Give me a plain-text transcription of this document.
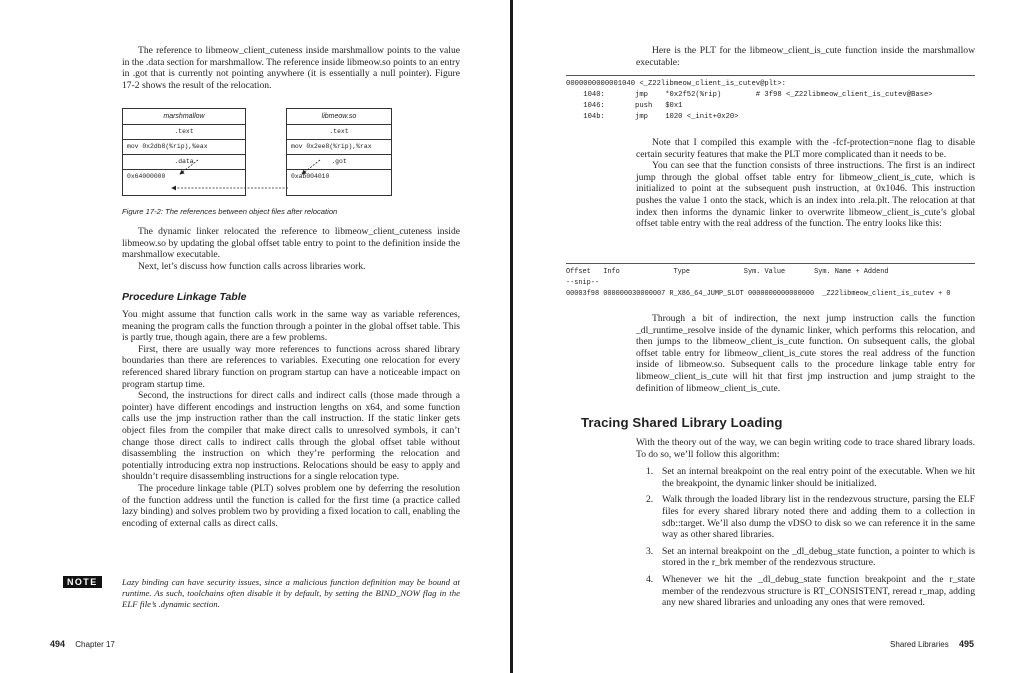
The reference to libmeow_client_cuteness inside marshmallow points to the value in the .data section for marshmallow. The reference inside libmeow.so points to an entry in .got that is currently not pointing anywhere (it is essentially a null pointer). Figure 17-2 shows the result of the relocation.

marshmallow
.text
mov 0x2db8(%rip),%eax
.data
0x64000000
libmeow.so
.text
mov 0x2ee8(%rip),%rax
.got
0xab004010
Figure 17-2: The references between object files after relocation

The dynamic linker relocated the reference to libmeow_client_cuteness inside libmeow.so by updating the global offset table entry to point to the definition inside the marshmallow executable.

Next, let’s discuss how function calls across libraries work.

Procedure Linkage Table

You might assume that function calls work in the same way as variable references, meaning the program calls the function through a pointer in the global offset table. This is partly true, though again, there are a few problems.

First, there are usually way more references to functions across shared library boundaries than there are references to variables. Executing one relocation for every referenced shared library function on program startup can have a noticeable impact on program startup time.

Second, the instructions for direct calls and indirect calls (those made through a pointer) have different encodings and instruction lengths on x64, and some function calls use the jmp instruction rather than the call instruction. If the static linker gets object files from the compiler that make direct calls to unresolved symbols, it can’t change those direct calls to indirect calls through the global offset table without disassembling the instruction on which they’re performing the relocation and potentially introducing extra nop instructions. Relocations should be easy to apply and shouldn’t require disassembling instructions for a single relocation type.

The procedure linkage table (PLT) solves problem one by deferring the resolution of the function address until the function is called for the first time (a practice called lazy binding) and solves problem two by providing a fixed location to call, enabling the encoding of external calls as direct calls.

NOTE	Lazy binding can have security issues, since a malicious function definition may be bound at runtime. As such, toolchains often disable it by default, by setting the BIND_NOW flag in the ELF file’s .dynamic section.

494 Chapter 17

Here is the PLT for the libmeow_client_is_cute function inside the marshmallow executable:

0000000000001040 <_Z22libmeow_client_is_cutev@plt>:
1040:       jmp    *0x2f52(%rip)        # 3f98 <_Z22libmeow_client_is_cutev@Base>
1046:       push   $0x1
104b:       jmp    1020 <_init+0x20>

Note that I compiled this example with the -fcf-protection=none flag to disable certain security features that make the PLT more complicated than it needs to be.

You can see that the function consists of three instructions. The first is an indirect jump through the global offset table entry for libmeow_client_is_cute, which is initialized to point at the subsequent push instruction, at 0x1046. This instruction pushes the value 1 onto the stack, which is an index into .rela.plt. The relocation at that index then informs the dynamic linker to overwrite libmeow_client_is_cute’s global offset table entry with the real address of the function. The entry looks like this:

Offset   Info             Type             Sym. Value       Sym. Name + Addend
--snip--
00003f98 000000030000007 R_X86_64_JUMP_SLOT 0000000000000000  _Z22libmeow_client_is_cutev + 0

Through a bit of indirection, the next jump instruction calls the function _dl_runtime_resolve inside of the dynamic linker, which performs this relocation, and then jumps to the libmeow_client_is_cute function. On subsequent calls, the global offset table entry for libmeow_client_is_cute stores the real address of the function inside of libmeow.so. Subsequent calls to the procedure linkage table entry for libmeow_client_is_cute will hit that first jmp instruction and jump straight to the definition of libmeow_client_is_cute.

Tracing Shared Library Loading

With the theory out of the way, we can begin writing code to trace shared library loads. To do so, we’ll follow this algorithm:

1. Set an internal breakpoint on the real entry point of the executable. When we hit the breakpoint, the dynamic linker should be initialized.
2. Walk through the loaded library list in the rendezvous structure, parsing the ELF files for every shared library noted there and adding them to a collection in sdb::target. We’ll also dump the vDSO to disk so we can reference it in the same way as other shared libraries.
3. Set an internal breakpoint on the _dl_debug_state function, a pointer to which is stored in the r_brk member of the rendezvous structure.
4. Whenever we hit the _dl_debug_state function breakpoint and the r_state member of the rendezvous structure is RT_CONSISTENT, reread r_map, adding any new shared libraries and unloading any ones that were removed.
Shared Libraries 495
